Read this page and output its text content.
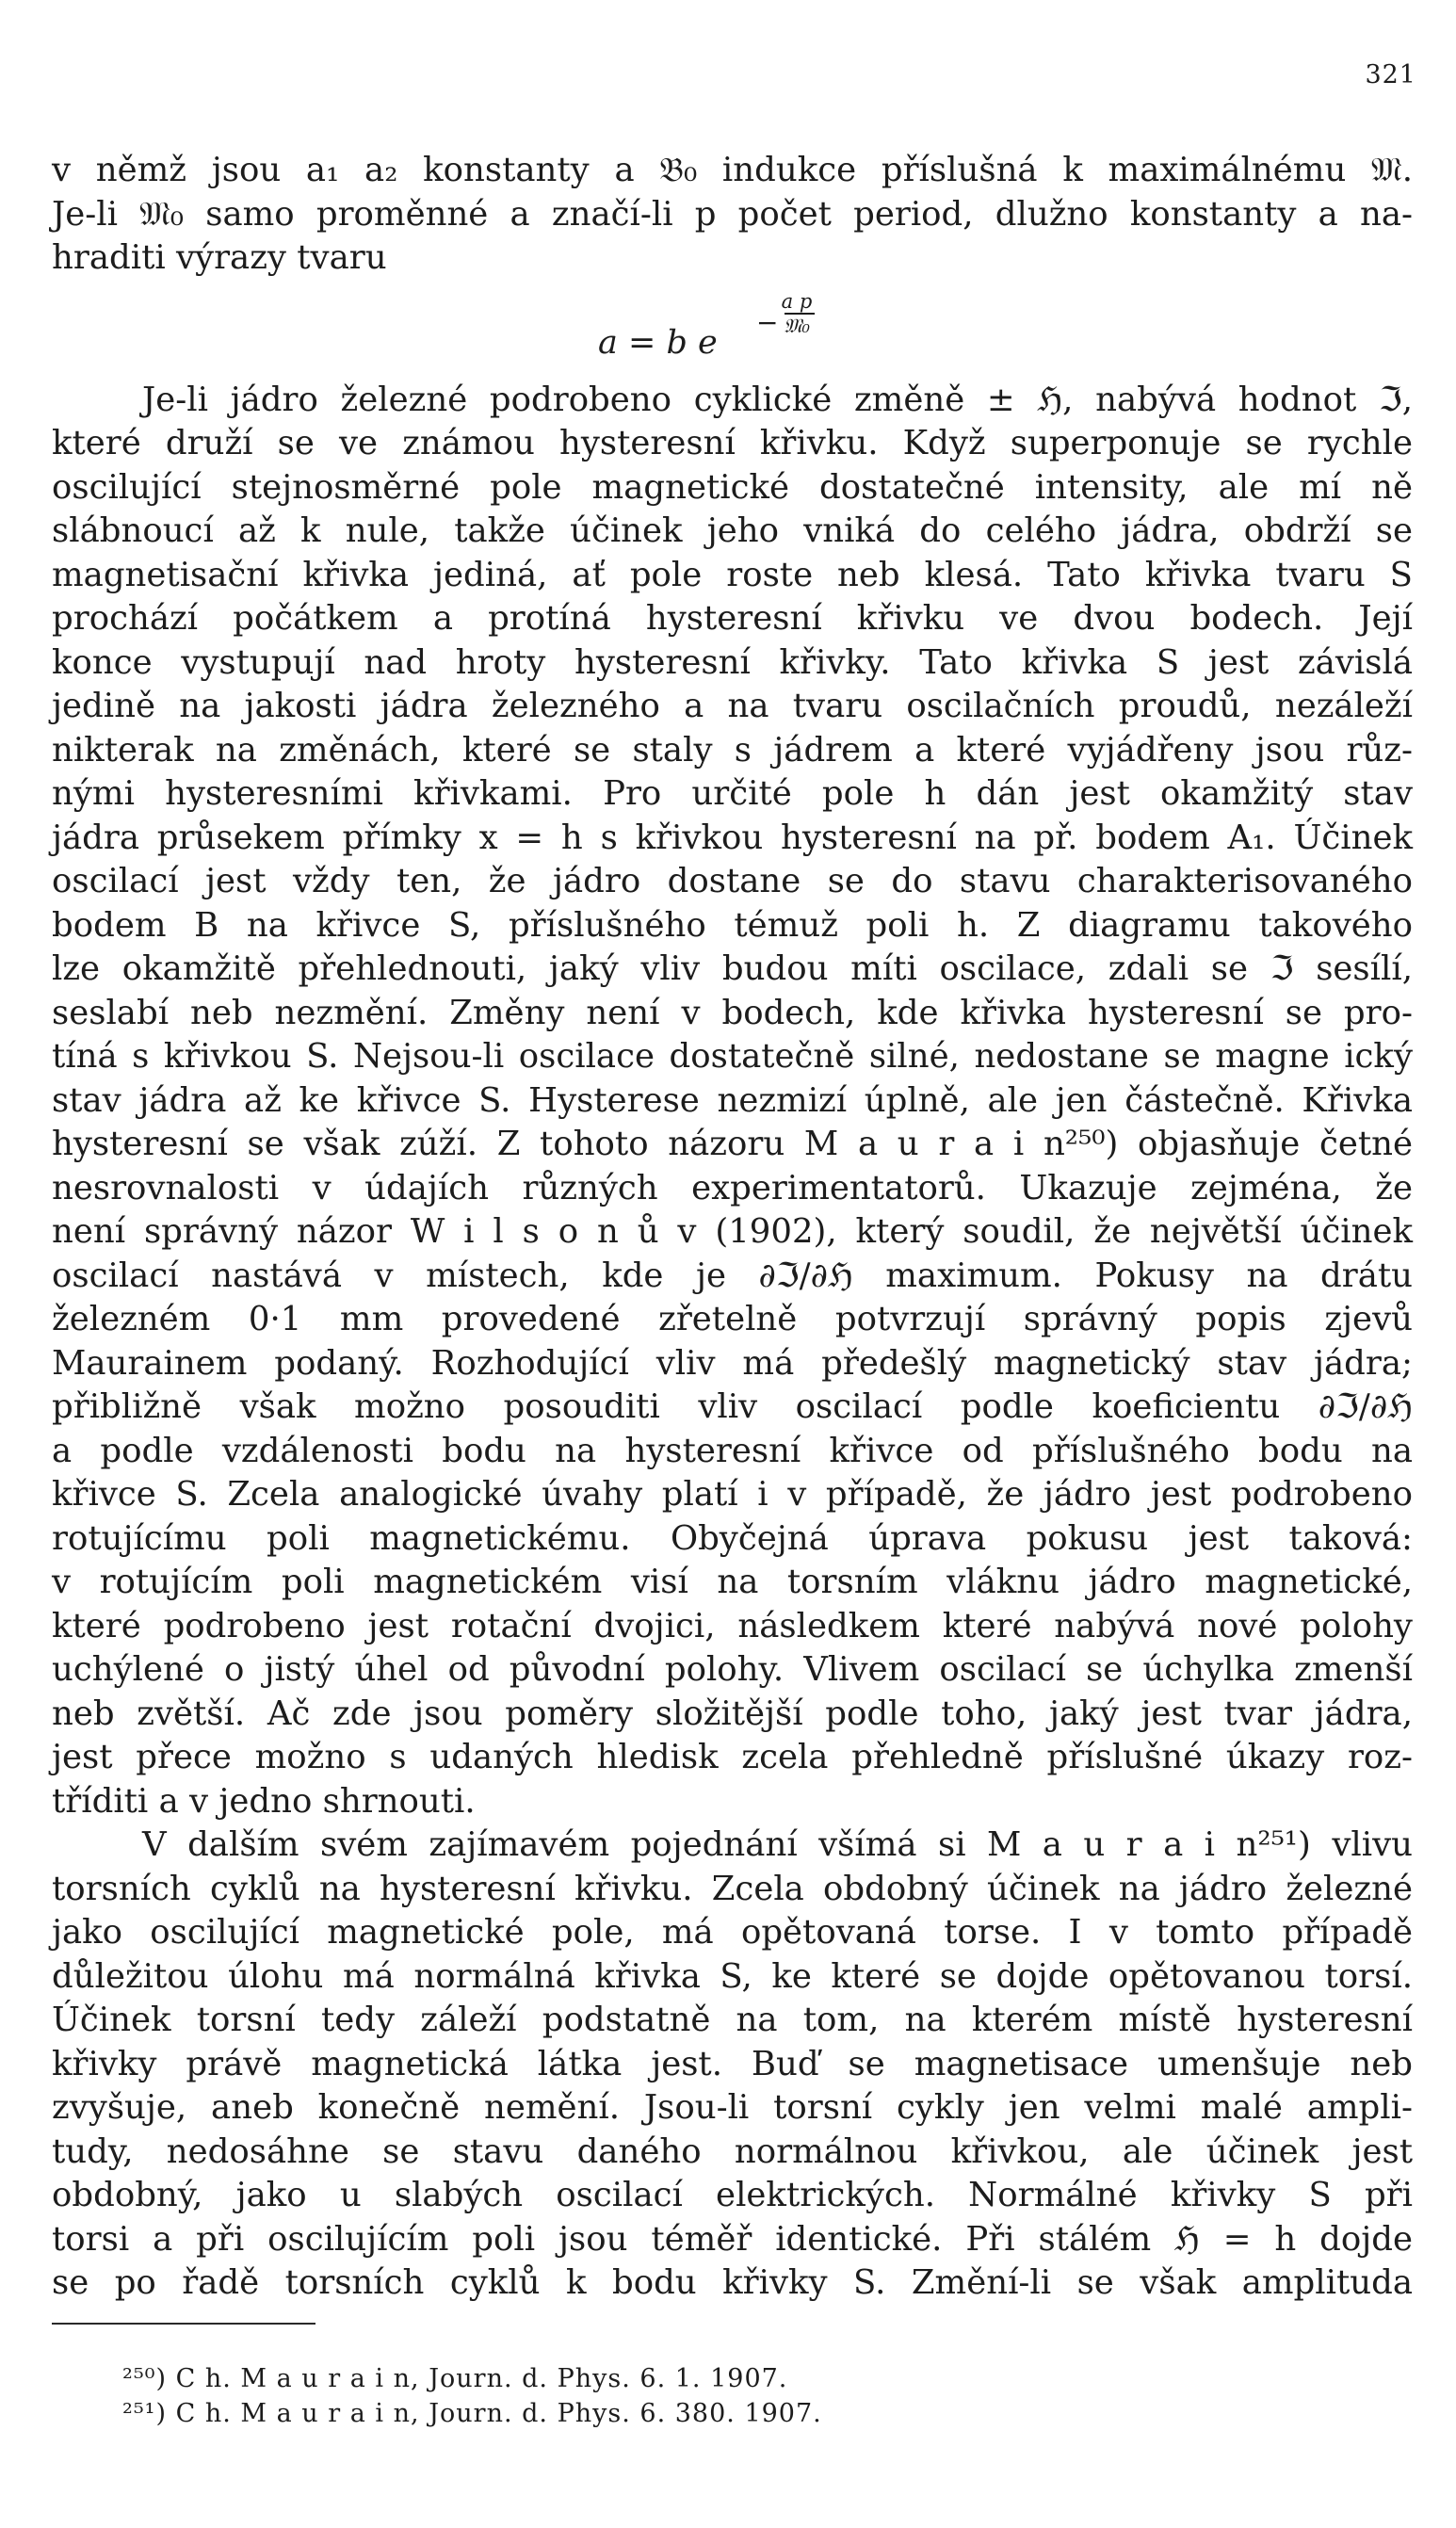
321
v němž jsou a₁ a₂ konstanty a 𝔅₀ indukce příslušná k maximálnému 𝔐.
Je-li 𝔐₀ samo proměnné a značí-li p počet period, dlužno konstanty a na-
hraditi výrazy tvaru
a = b e
−
a p
𝔐₀
Je-li jádro železné podrobeno cyklické změně ± ℌ, nabývá hodnot ℑ,
které druží se ve známou hysteresní křivku. Když superponuje se rychle
oscilující stejnosměrné pole magnetické dostatečné intensity, ale mí ně
slábnoucí až k nule, takže účinek jeho vniká do celého jádra, obdrží se
magnetisační křivka jediná, ať pole roste neb klesá. Tato křivka tvaru S
prochází počátkem a protíná hysteresní křivku ve dvou bodech. Její
konce vystupují nad hroty hysteresní křivky. Tato křivka S jest závislá
jedině na jakosti jádra železného a na tvaru oscilačních proudů, nezáleží
nikterak na změnách, které se staly s jádrem a které vyjádřeny jsou růz-
nými hysteresními křivkami. Pro určité pole h dán jest okamžitý stav
jádra průsekem přímky x = h s křivkou hysteresní na př. bodem A₁. Účinek
oscilací jest vždy ten, že jádro dostane se do stavu charakterisovaného
bodem B na křivce S, příslušného témuž poli h. Z diagramu takového
lze okamžitě přehlednouti, jaký vliv budou míti oscilace, zdali se ℑ sesílí,
seslabí neb nezmění. Změny není v bodech, kde křivka hysteresní se pro-
tíná s křivkou S. Nejsou-li oscilace dostatečně silné, nedostane se magne ický
stav jádra až ke křivce S. Hysterese nezmizí úplně, ale jen částečně. Křivka
hysteresní se však zúží. Z tohoto názoru M a u r a i n²⁵⁰) objasňuje četné
nesrovnalosti v údajích různých experimentatorů. Ukazuje zejména, že
není správný názor W i l s o n ů v (1902), který soudil, že největší účinek
oscilací nastává v místech, kde je ∂ℑ/∂ℌ maximum. Pokusy na drátu
železném 0·1 mm provedené zřetelně potvrzují správný popis zjevů
Maurainem podaný. Rozhodující vliv má předešlý magnetický stav jádra;
přibližně však možno posouditi vliv oscilací podle koeficientu ∂ℑ/∂ℌ
a podle vzdálenosti bodu na hysteresní křivce od příslušného bodu na
křivce S. Zcela analogické úvahy platí i v případě, že jádro jest podrobeno
rotujícímu poli magnetickému. Obyčejná úprava pokusu jest taková:
v rotujícím poli magnetickém visí na torsním vláknu jádro magnetické,
které podrobeno jest rotační dvojici, následkem které nabývá nové polohy
uchýlené o jistý úhel od původní polohy. Vlivem oscilací se úchylka zmenší
neb zvětší. Ač zde jsou poměry složitější podle toho, jaký jest tvar jádra,
jest přece možno s udaných hledisk zcela přehledně příslušné úkazy roz-
tříditi a v jedno shrnouti.
V dalším svém zajímavém pojednání všímá si M a u r a i n²⁵¹) vlivu
torsních cyklů na hysteresní křivku. Zcela obdobný účinek na jádro železné
jako oscilující magnetické pole, má opětovaná torse. I v tomto případě
důležitou úlohu má normálná křivka S, ke které se dojde opětovanou torsí.
Účinek torsní tedy záleží podstatně na tom, na kterém místě hysteresní
křivky právě magnetická látka jest. Buď se magnetisace umenšuje neb
zvyšuje, aneb konečně nemění. Jsou-li torsní cykly jen velmi malé ampli-
tudy, nedosáhne se stavu daného normálnou křivkou, ale účinek jest
obdobný, jako u slabých oscilací elektrických. Normálné křivky S při
torsi a při oscilujícím poli jsou téměř identické. Při stálém ℌ = h dojde
se po řadě torsních cyklů k bodu křivky S. Změní-li se však amplituda
²⁵⁰) C h. M a u r a i n, Journ. d. Phys. 6. 1. 1907.
²⁵¹) C h. M a u r a i n, Journ. d. Phys. 6. 380. 1907.
